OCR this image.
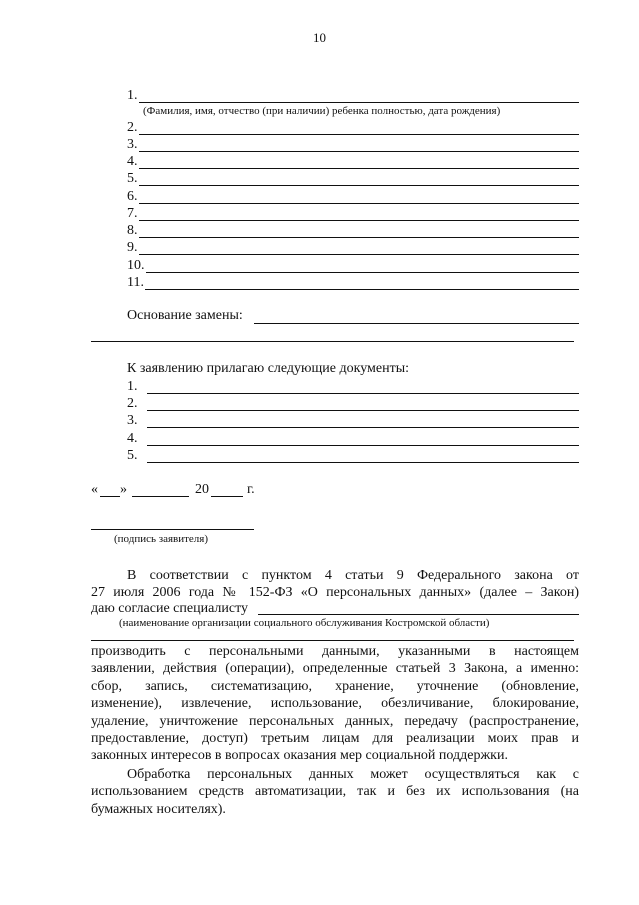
10
1.
(Фамилия, имя, отчество (при наличии) ребенка полностью, дата рождения)
2.
3.
4.
5.
6.
7.
8.
9.
10.
11.
Основание замены:
К заявлению прилагаю следующие документы:
1.
2.
3.
4.
5.
« »	20	г.
(подпись заявителя)
В соответствии с пунктом 4 статьи 9 Федерального закона от
27 июля 2006 года № 152-ФЗ «О персональных данных» (далее – Закон)
даю согласие специалисту
(наименование организации социального обслуживания Костромской области)
производить с персональными данными, указанными в настоящем
заявлении, действия (операции), определенные статьей 3 Закона, а именно:
сбор, запись, систематизацию, хранение, уточнение (обновление,
изменение), извлечение, использование, обезличивание, блокирование,
удаление, уничтожение персональных данных, передачу (распространение,
предоставление, доступ) третьим лицам для реализации моих прав и
законных интересов в вопросах оказания мер социальной поддержки.
Обработка персональных данных может осуществляться как с
использованием средств автоматизации, так и без их использования (на
бумажных носителях).
